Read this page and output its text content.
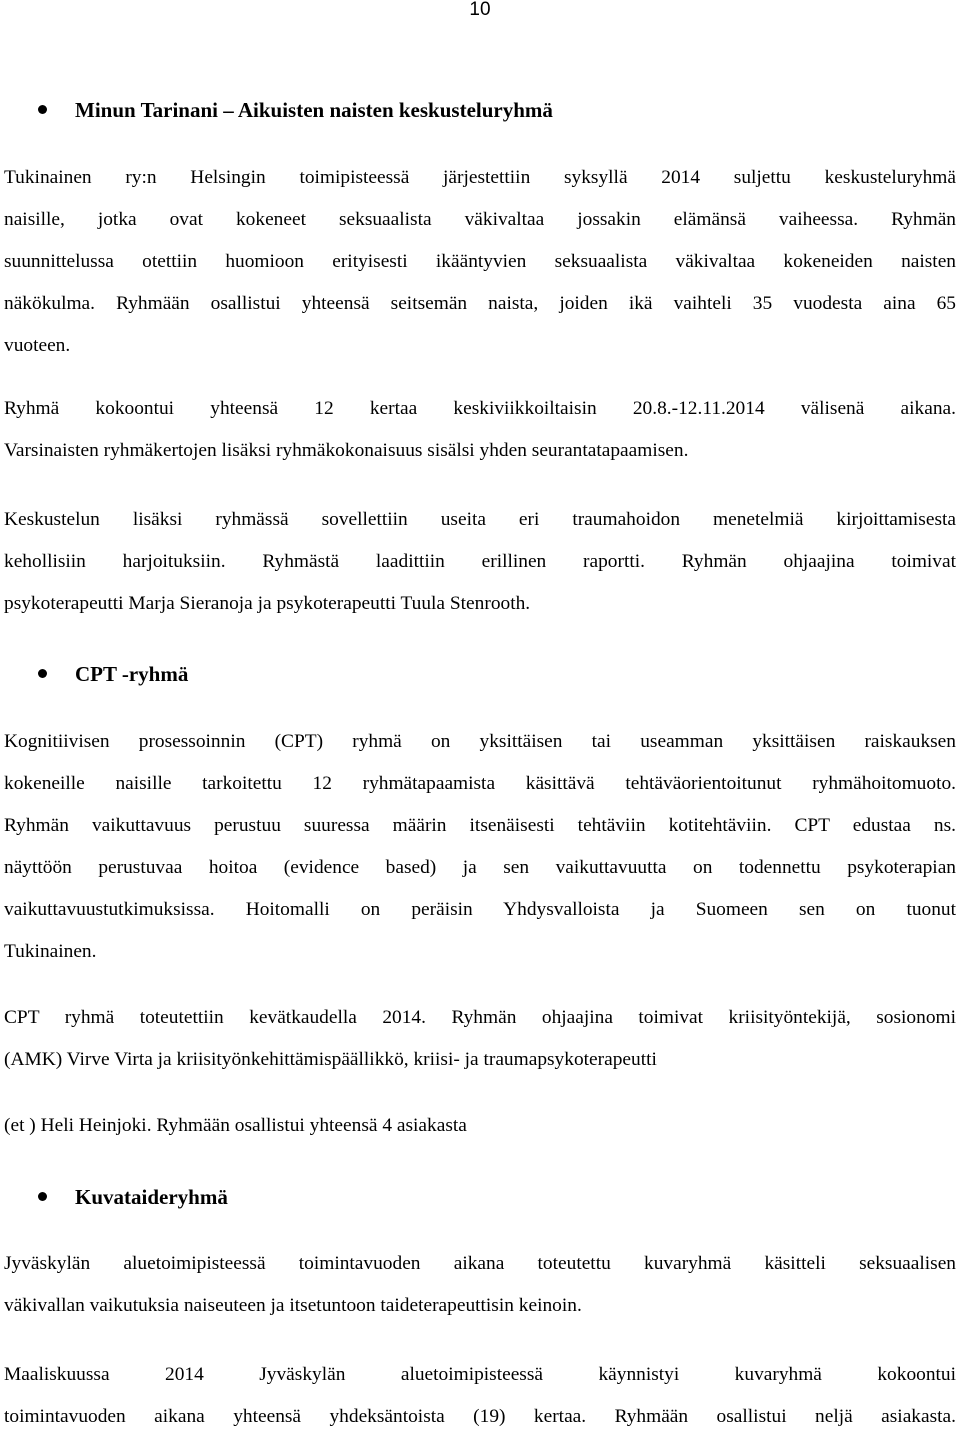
10
Minun Tarinani – Aikuisten naisten keskusteluryhmä
Tukinainen ry:n Helsingin toimipisteessä järjestettiin syksyllä 2014 suljettu keskusteluryhmä
naisille, jotka ovat kokeneet seksuaalista väkivaltaa jossakin elämänsä vaiheessa. Ryhmän
suunnittelussa otettiin huomioon erityisesti ikääntyvien seksuaalista väkivaltaa kokeneiden naisten
näkökulma. Ryhmään osallistui yhteensä seitsemän naista, joiden ikä vaihteli 35 vuodesta aina 65
vuoteen.
Ryhmä kokoontui yhteensä 12 kertaa keskiviikkoiltaisin 20.8.-12.11.2014 välisenä aikana.
Varsinaisten ryhmäkertojen lisäksi ryhmäkokonaisuus sisälsi yhden seurantatapaamisen.
Keskustelun lisäksi ryhmässä sovellettiin useita eri traumahoidon menetelmiä kirjoittamisesta
kehollisiin harjoituksiin. Ryhmästä laadittiin erillinen raportti. Ryhmän ohjaajina toimivat
psykoterapeutti Marja Sieranoja ja psykoterapeutti Tuula Stenrooth.
CPT -ryhmä
Kognitiivisen prosessoinnin (CPT) ryhmä on yksittäisen tai useamman yksittäisen raiskauksen
kokeneille naisille tarkoitettu 12 ryhmätapaamista käsittävä tehtäväorientoitunut ryhmähoitomuoto.
Ryhmän vaikuttavuus perustuu suuressa määrin itsenäisesti tehtäviin kotitehtäviin. CPT edustaa ns.
näyttöön perustuvaa hoitoa (evidence based) ja sen vaikuttavuutta on todennettu psykoterapian
vaikuttavuustutkimuksissa. Hoitomalli on peräisin Yhdysvalloista ja Suomeen sen on tuonut
Tukinainen.
CPT ryhmä toteutettiin kevätkaudella 2014. Ryhmän ohjaajina toimivat kriisityöntekijä, sosionomi
(AMK) Virve Virta ja kriisityönkehittämispäällikkö, kriisi- ja traumapsykoterapeutti
(et ) Heli Heinjoki. Ryhmään osallistui yhteensä 4 asiakasta
Kuvataideryhmä
Jyväskylän aluetoimipisteessä toimintavuoden aikana toteutettu kuvaryhmä käsitteli seksuaalisen
väkivallan vaikutuksia naiseuteen ja itsetuntoon taideterapeuttisin keinoin.
Maaliskuussa 2014 Jyväskylän aluetoimipisteessä käynnistyi kuvaryhmä kokoontui
toimintavuoden aikana yhteensä yhdeksäntoista (19) kertaa. Ryhmään osallistui neljä asiakasta.
